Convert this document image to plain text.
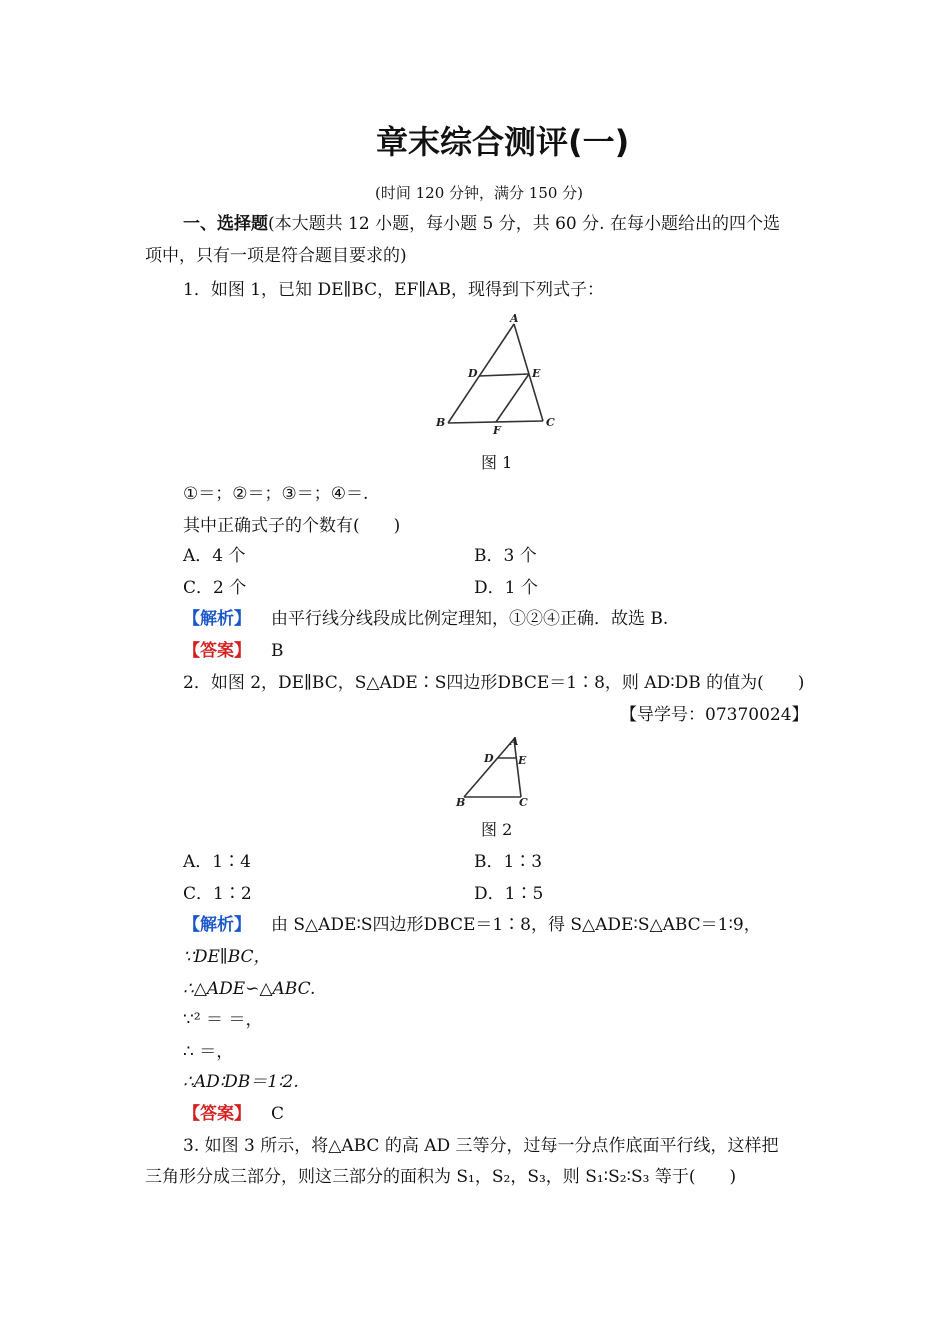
章末综合测评(一)
(时间 120 分钟，满分 150 分)
一、选择题(本大题共 12 小题，每小题 5 分，共 60 分. 在每小题给出的四个选
项中，只有一项是符合题目要求的)
1．如图 1，已知 DE∥BC，EF∥AB，现得到下列式子：
A
D	E
B
F
C
图 1
①＝；②＝；③＝；④＝.
其中正确式子的个数有(　　)
A．4 个	B．3 个
C．2 个	D．1 个
【解析】 由平行线分线段成比例定理知，①②④正确．故选 B.
【答案】 B
2．如图 2，DE∥BC，S△ADE∶S四边形DBCE＝1∶8，则 AD∶DB 的值为(　　)
【导学号：07370024】
A
D E
B	C
图 2
A．1∶4	B．1∶3
C．1∶2	D．1∶5
【解析】 由 S△ADE∶S四边形DBCE＝1∶8，得 S△ADE∶S△ABC＝1∶9，
∵DE∥BC，
∴△ADE∽△ABC.
∵² ＝ ＝，
∴ ＝，
∴AD∶DB＝1∶2.
【答案】 C
3. 如图 3 所示，将△ABC 的高 AD 三等分，过每一分点作底面平行线，这样把
三角形分成三部分，则这三部分的面积为 S₁，S₂，S₃，则 S₁∶S₂∶S₃ 等于(　　)
